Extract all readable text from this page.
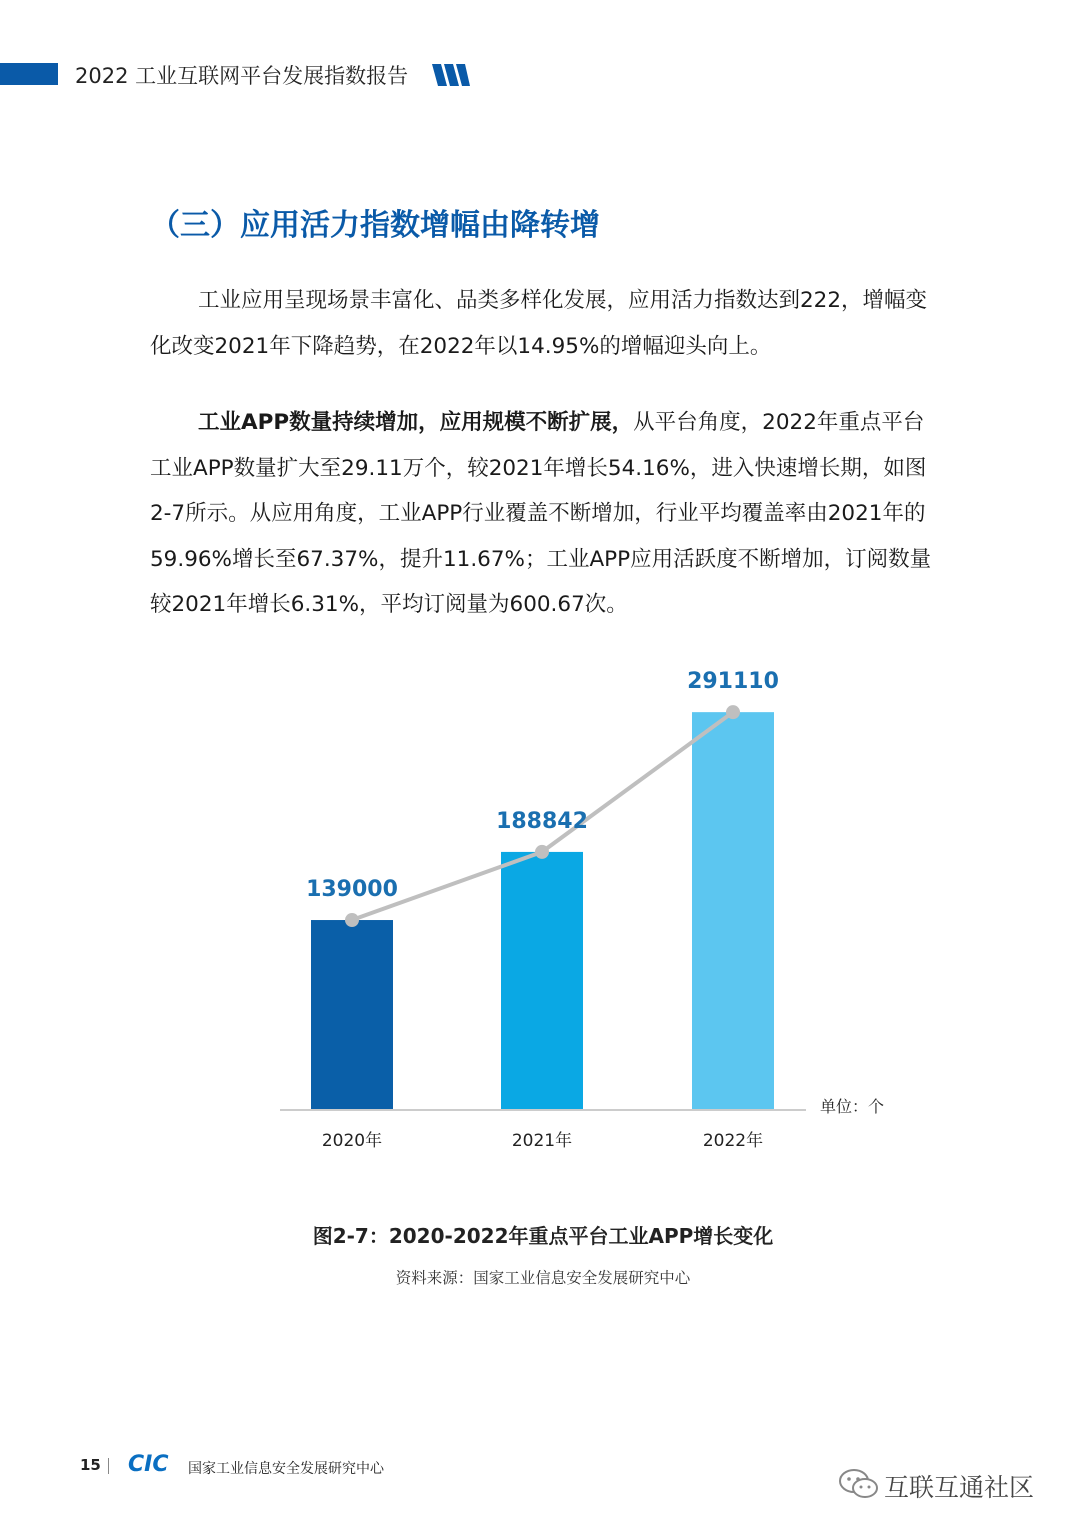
2022 工业互联网平台发展指数报告
（三）应用活力指数增幅由降转增

工业应用呈现场景丰富化、品类多样化发展，应用活力指数达到222，增幅变化改变2021年下降趋势，在2022年以14.95%的增幅迎头向上。

工业APP数量持续增加，应用规模不断扩展，从平台角度，2022年重点平台工业APP数量扩大至29.11万个，较2021年增长54.16%，进入快速增长期，如图2-7所示。从应用角度，工业APP行业覆盖不断增加，行业平均覆盖率由2021年的59.96%增长至67.37%，提升11.67%；工业APP应用活跃度不断增加，订阅数量较2021年增长6.31%，平均订阅量为600.67次。

139000
188842
291110
2020年	2021年	2022年
单位：个
图2-7：2020-2022年重点平台工业APP增长变化
资料来源：国家工业信息安全发展研究中心
15 CIC 国家工业信息安全发展研究中心
互联互通社区
